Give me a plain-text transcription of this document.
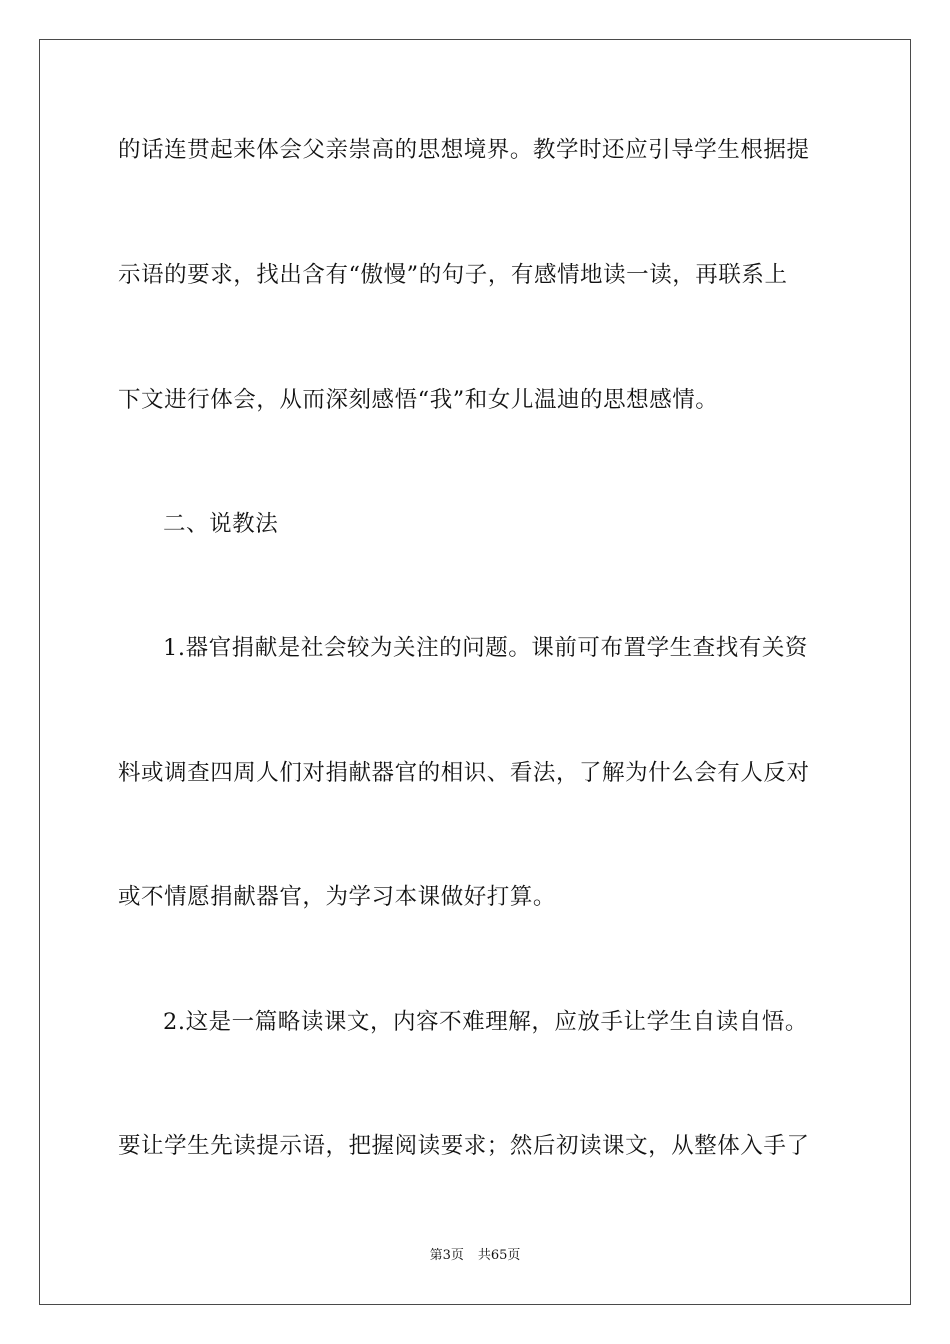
的话连贯起来体会父亲崇高的思想境界。教学时还应引导学生根据提
示语的要求，找出含有“傲慢”的句子，有感情地读一读，再联系上
下文进行体会，从而深刻感悟“我”和女儿温迪的思想感情。
二、说教法
1.器官捐献是社会较为关注的问题。课前可布置学生查找有关资
料或调查四周人们对捐献器官的相识、看法，了解为什么会有人反对
或不情愿捐献器官，为学习本课做好打算。
2.这是一篇略读课文，内容不难理解，应放手让学生自读自悟。
要让学生先读提示语，把握阅读要求；然后初读课文，从整体入手了
第3页 共65页
